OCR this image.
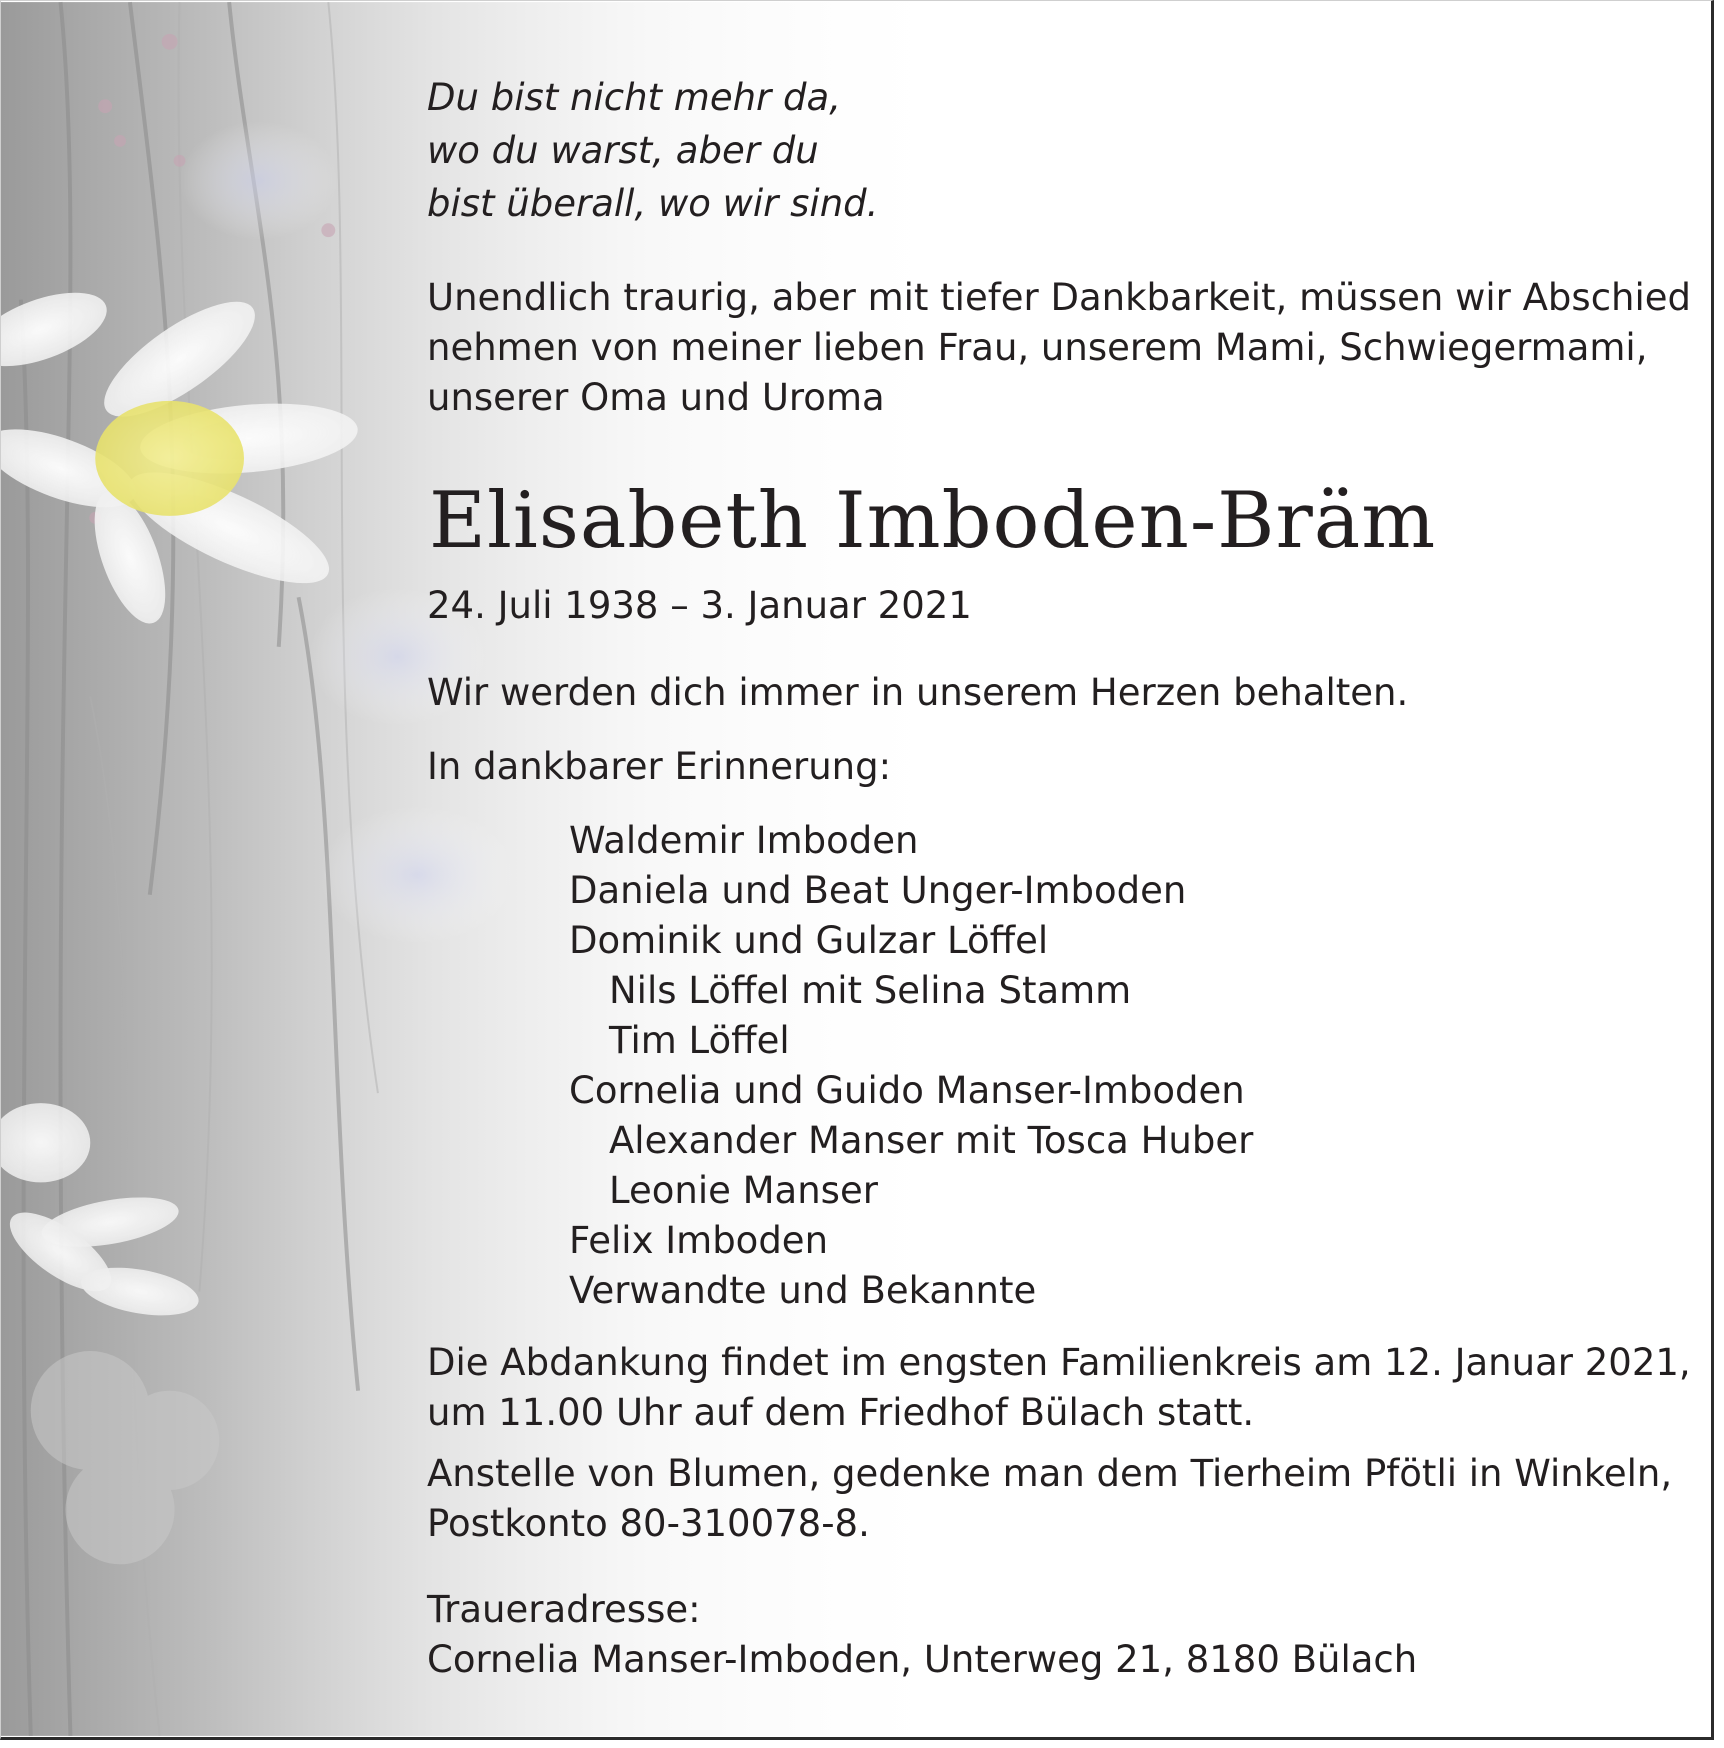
Du bist nicht mehr da,
wo du warst, aber du
bist überall, wo wir sind.
Unendlich traurig, aber mit tiefer Dankbarkeit, müssen wir Abschied
nehmen von meiner lieben Frau, unserem Mami, Schwiegermami,
unserer Oma und Uroma
Elisabeth Imboden-Bräm
24. Juli 1938 – 3. Januar 2021
Wir werden dich immer in unserem Herzen behalten.
In dankbarer Erinnerung:
Waldemir Imboden
Daniela und Beat Unger-Imboden
Dominik und Gulzar Löffel
Nils Löffel mit Selina Stamm
Tim Löffel
Cornelia und Guido Manser-Imboden
Alexander Manser mit Tosca Huber
Leonie Manser
Felix Imboden
Verwandte und Bekannte
Die Abdankung findet im engsten Familienkreis am 12. Januar 2021,
um 11.00 Uhr auf dem Friedhof Bülach statt.
Anstelle von Blumen, gedenke man dem Tierheim Pfötli in Winkeln,
Postkonto 80-310078-8.
Traueradresse:
Cornelia Manser-Imboden, Unterweg 21, 8180 Bülach
